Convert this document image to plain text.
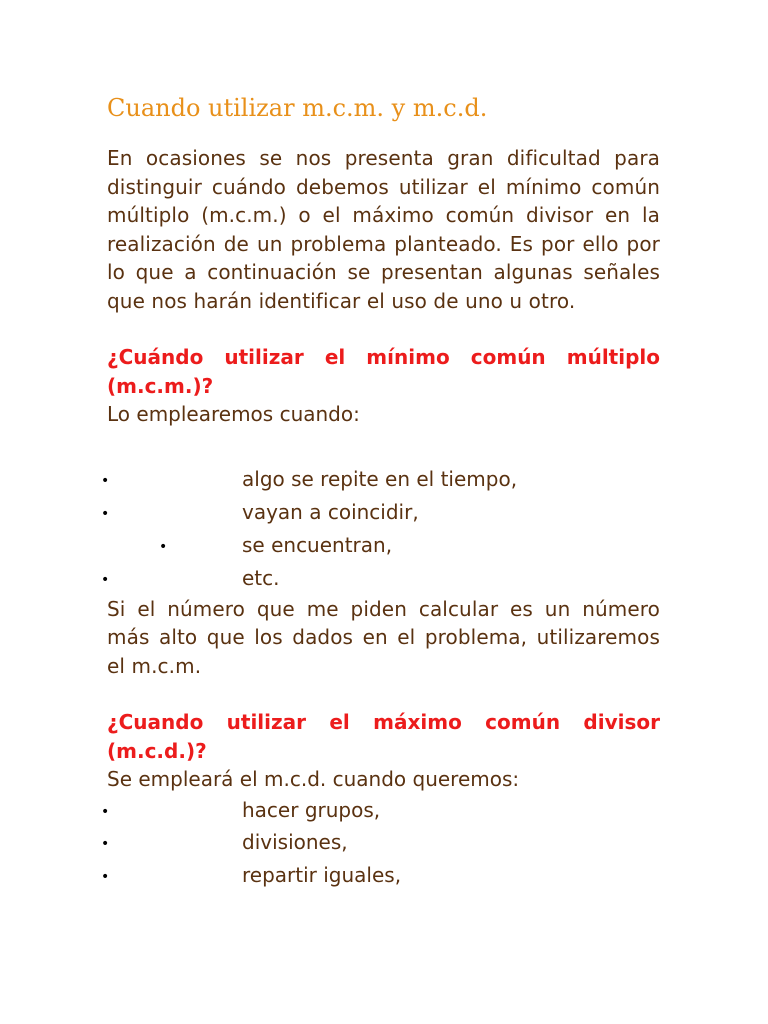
Cuando utilizar m.c.m. y m.c.d.

En ocasiones se nos presenta gran dificultad para distinguir cuándo debemos utilizar el mínimo común múltiplo (m.c.m.) o el máximo común divisor en la realización de un problema planteado. Es por ello por lo que a continuación se presentan algunas señales que nos harán identificar el uso de uno u otro.

¿Cuándo utilizar el mínimo común múltiplo (m.c.m.)?

Lo emplearemos cuando:

•	algo se repite en el tiempo,
•	vayan a coincidir,
•	se encuentran,
•	etc.

Si el número que me piden calcular es un número más alto que los dados en el problema, utilizaremos el m.c.m.

¿Cuando utilizar el máximo común divisor (m.c.d.)?

Se empleará el m.c.d. cuando queremos:

•	hacer grupos,
•	divisiones,
•	repartir iguales,
